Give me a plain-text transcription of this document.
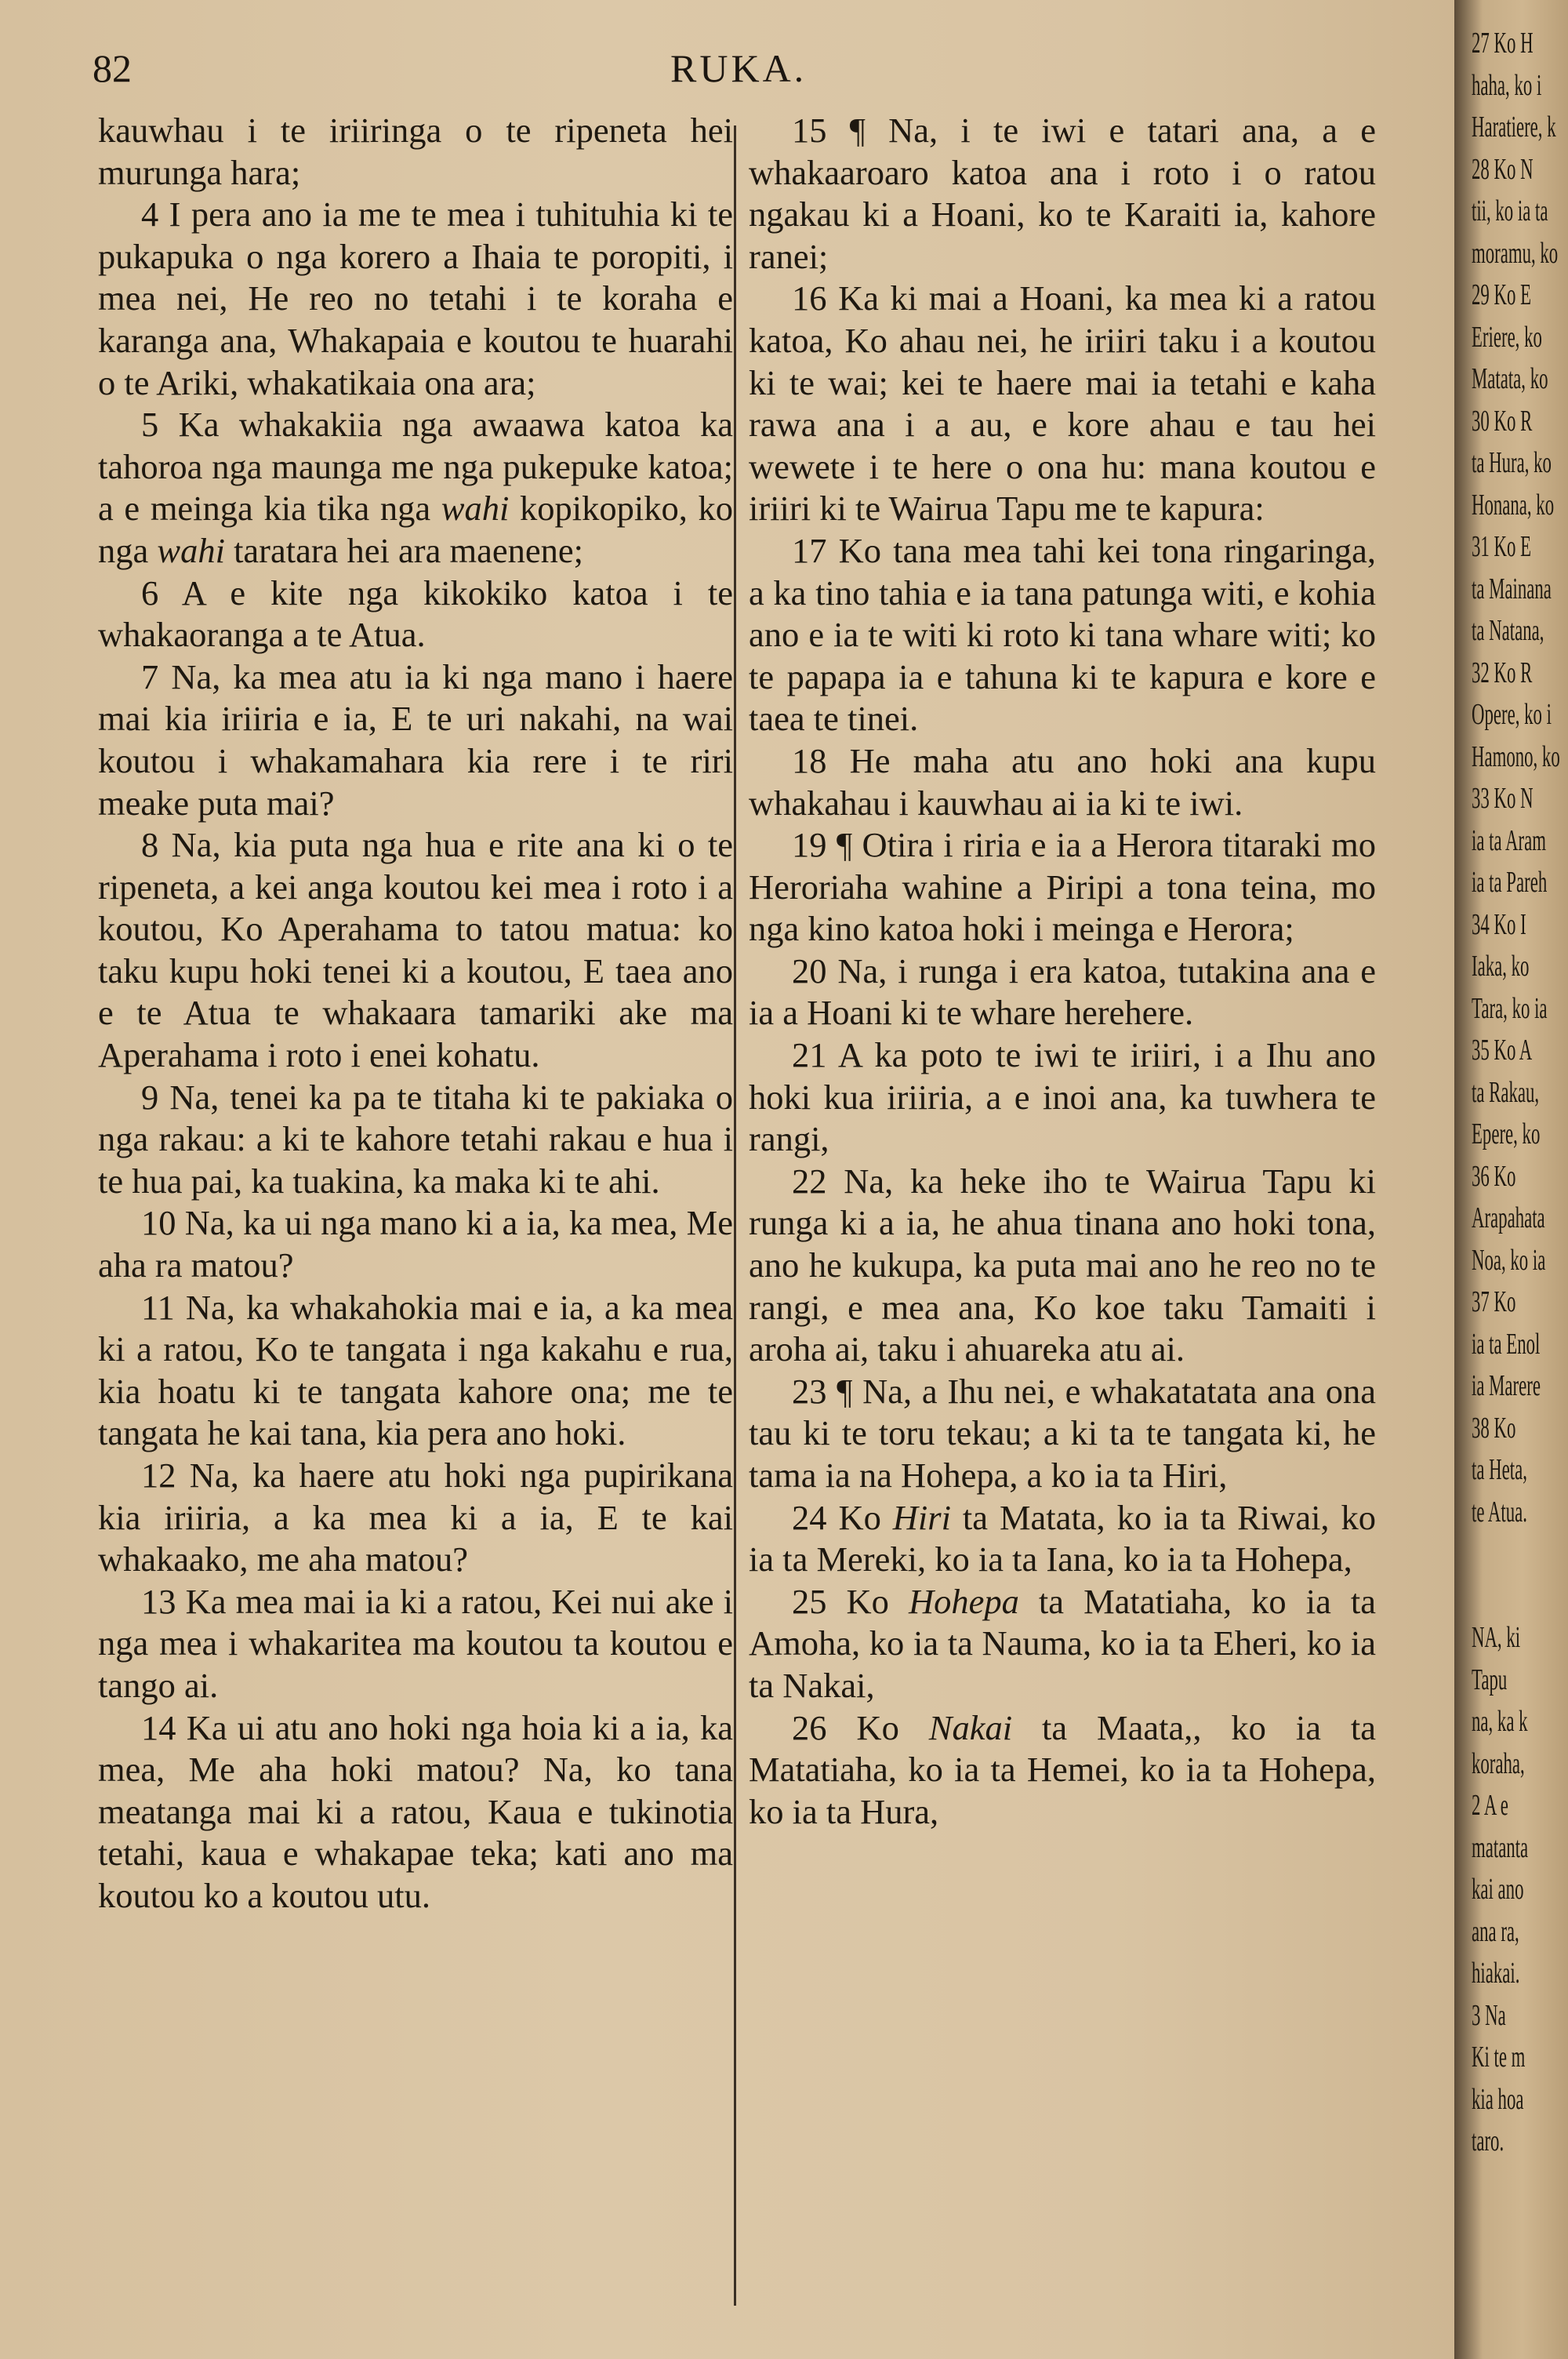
82	RUKA.

kauwhau i te iriiringa o te ripeneta hei murunga hara;

4 I pera ano ia me te mea i tuhituhia ki te pukapuka o nga korero a Ihaia te poropiti, i mea nei, He reo no tetahi i te koraha e karanga ana, Whakapaia e koutou te huarahi o te Ariki, whakatikaia ona ara;

5 Ka whakakiia nga awaawa katoa ka tahoroa nga maunga me nga pukepuke katoa; a e meinga kia tika nga wahi kopikopiko, ko nga wahi taratara hei ara maenene;

6 A e kite nga kikokiko katoa i te whakaoranga a te Atua.

7 Na, ka mea atu ia ki nga mano i haere mai kia iriiria e ia, E te uri nakahi, na wai koutou i whakamahara kia rere i te riri meake puta mai?

8 Na, kia puta nga hua e rite ana ki o te ripeneta, a kei anga koutou kei mea i roto i a koutou, Ko Aperahama to tatou matua: ko taku kupu hoki tenei ki a koutou, E taea ano e te Atua te whakaara tamariki ake ma Aperahama i roto i enei kohatu.

9 Na, tenei ka pa te titaha ki te pakiaka o nga rakau: a ki te kahore tetahi rakau e hua i te hua pai, ka tuakina, ka maka ki te ahi.

10 Na, ka ui nga mano ki a ia, ka mea, Me aha ra matou?

11 Na, ka whakahokia mai e ia, a ka mea ki a ratou, Ko te tangata i nga kakahu e rua, kia hoatu ki te tangata kahore ona; me te tangata he kai tana, kia pera ano hoki.

12 Na, ka haere atu hoki nga pupirikana kia iriiria, a ka mea ki a ia, E te kai whakaako, me aha matou?

13 Ka mea mai ia ki a ratou, Kei nui ake i nga mea i whakaritea ma koutou ta koutou e tango ai.

14 Ka ui atu ano hoki nga hoia ki a ia, ka mea, Me aha hoki matou? Na, ko tana meatanga mai ki a ratou, Kaua e tukinotia tetahi, kaua e whakapae teka; kati ano ma koutou ko a koutou utu.

15 ¶ Na, i te iwi e tatari ana, a e whakaaroaro katoa ana i roto i o ratou ngakau ki a Hoani, ko te Karaiti ia, kahore ranei;

16 Ka ki mai a Hoani, ka mea ki a ratou katoa, Ko ahau nei, he iriiri taku i a koutou ki te wai; kei te haere mai ia tetahi e kaha rawa ana i a au, e kore ahau e tau hei wewete i te here o ona hu: mana koutou e iriiri ki te Wairua Tapu me te kapura:

17 Ko tana mea tahi kei tona ringaringa, a ka tino tahia e ia tana patunga witi, e kohia ano e ia te witi ki roto ki tana whare witi; ko te papapa ia e tahuna ki te kapura e kore e taea te tinei.

18 He maha atu ano hoki ana kupu whakahau i kauwhau ai ia ki te iwi.

19 ¶ Otira i riria e ia a Herora titaraki mo Heroriaha wahine a Piripi a tona teina, mo nga kino katoa hoki i meinga e Herora;

20 Na, i runga i era katoa, tutakina ana e ia a Hoani ki te whare herehere.

21 A ka poto te iwi te iriiri, i a Ihu ano hoki kua iriiria, a e inoi ana, ka tuwhera te rangi,

22 Na, ka heke iho te Wairua Tapu ki runga ki a ia, he ahua tinana ano hoki tona, ano he kukupa, ka puta mai ano he reo no te rangi, e mea ana, Ko koe taku Tamaiti i aroha ai, taku i ahuareka atu ai.

23 ¶ Na, a Ihu nei, e whakatatata ana ona tau ki te toru tekau; a ki ta te tangata ki, he tama ia na Hohepa, a ko ia ta Hiri,

24 Ko Hiri ta Matata, ko ia ta Riwai, ko ia ta Mereki, ko ia ta Iana, ko ia ta Hohepa,

25 Ko Hohepa ta Matatiaha, ko ia ta Amoha, ko ia ta Nauma, ko ia ta Eheri, ko ia ta Nakai,

26 Ko Nakai ta Maata,, ko ia ta Matatiaha, ko ia ta Hemei, ko ia ta Hohepa, ko ia ta Hura,

27 Ko H
haha, ko i
Haratiere, k
28 Ko N
tii, ko ia ta
moramu, ko
29 Ko E
Eriere, ko
Matata, ko
30 Ko R
ta Hura, ko
Honana, ko
31 Ko E
ta Mainana
ta Natana,
32 Ko R
Opere, ko i
Hamono, ko
33 Ko N
ia ta Aram
ia ta Pareh
34 Ko I
Iaka, ko
Tara, ko ia
35 Ko A
ta Rakau,
Epere, ko
36 Ko
Arapahata
Noa, ko ia
37 Ko
ia ta Enol
ia Marere
38 Ko
ta Heta,
te Atua.
NA, ki
Tapu
na, ka k
koraha,
2 A e
matanta
kai ano
ana ra,
hiakai.
3 Na
Ki te m
kia hoa
taro.
